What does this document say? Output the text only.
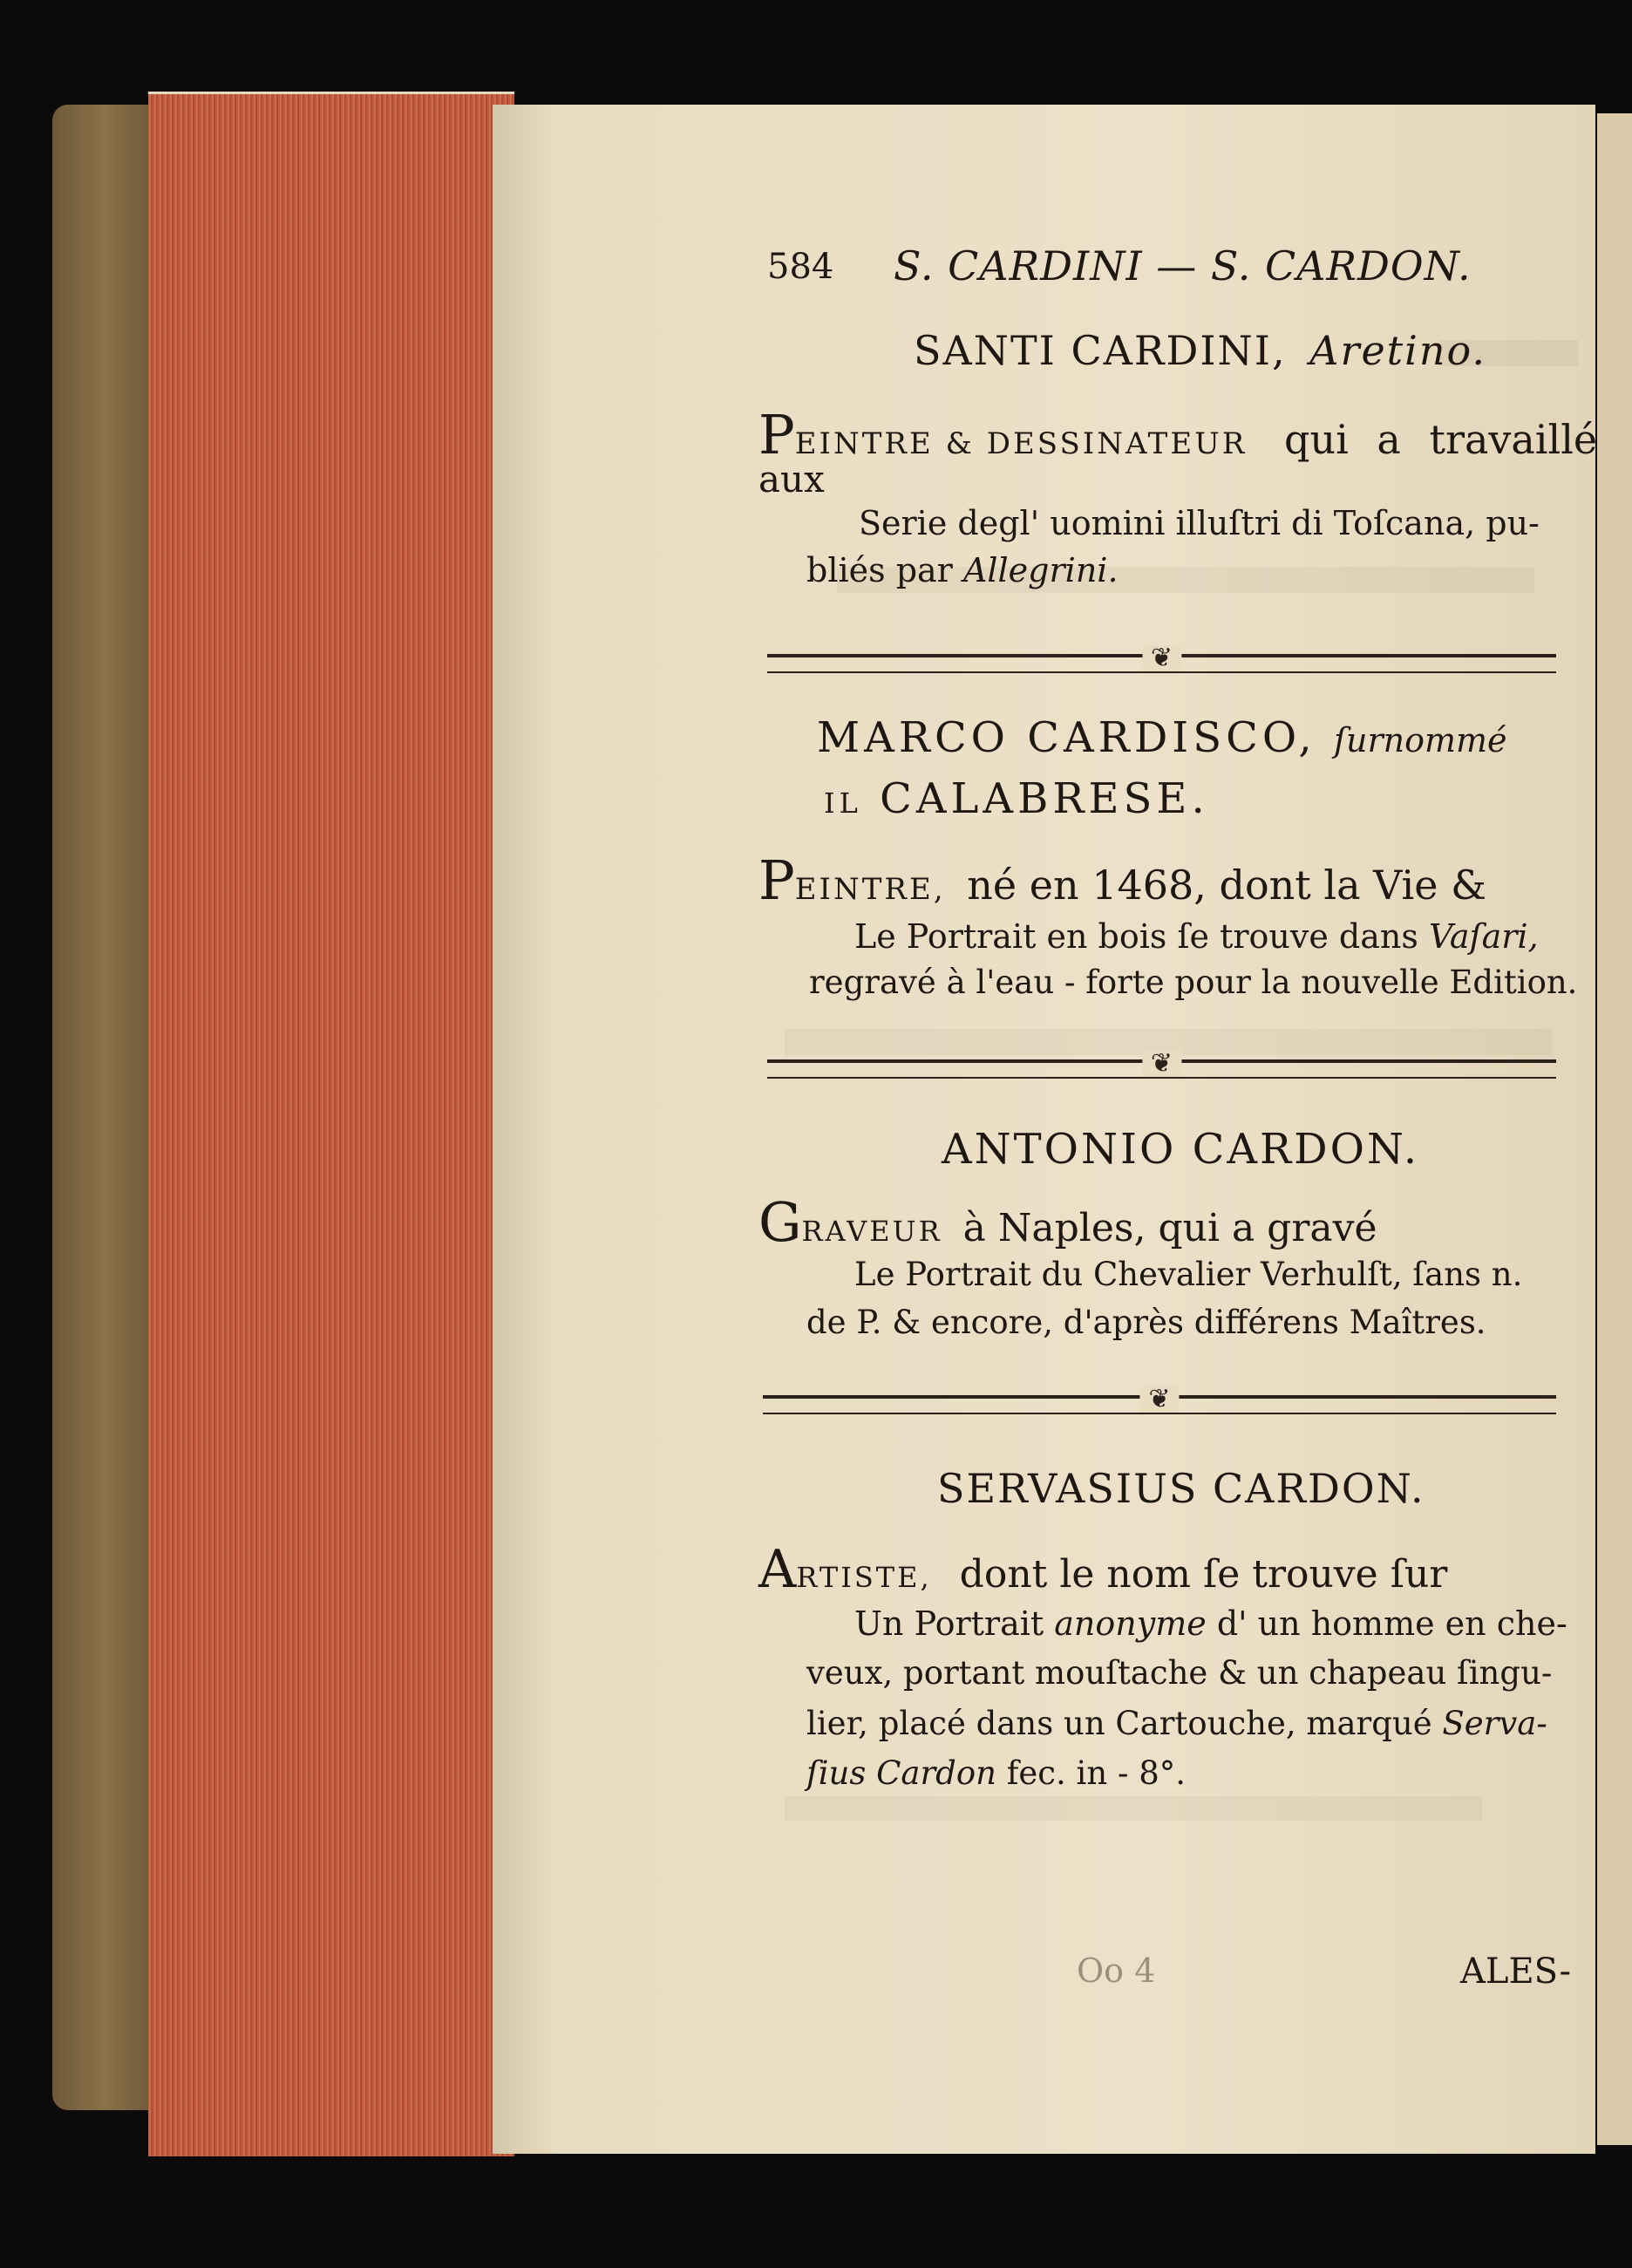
584 S. CARDINI — S. CARDON.
SANTI CARDINI, Aretino.
PEINTRE & DESSINATEUR qui a travaillé
aux
Serie degl' uomini illuſtri di Toſcana, pu-
bliés par Allegrini.
❦
MARCO CARDISCO, ſurnommé
IL CALABRESE.
PEINTRE, né en 1468, dont la Vie &
Le Portrait en bois ſe trouve dans Vaſari,
regravé à l'eau - forte pour la nouvelle Edition.
❦
ANTONIO CARDON.
GRAVEUR à Naples, qui a gravé
Le Portrait du Chevalier Verhulſt, ſans n.
de P. & encore, d'après différens Maîtres.
❦
SERVASIUS CARDON.
ARTISTE, dont le nom ſe trouve ſur
Un Portrait anonyme d' un homme en che-
veux, portant mouſtache & un chapeau ſingu-
lier, placé dans un Cartouche, marqué Serva-
ſius Cardon fec. in - 8°.
Oo 4	ALES-
